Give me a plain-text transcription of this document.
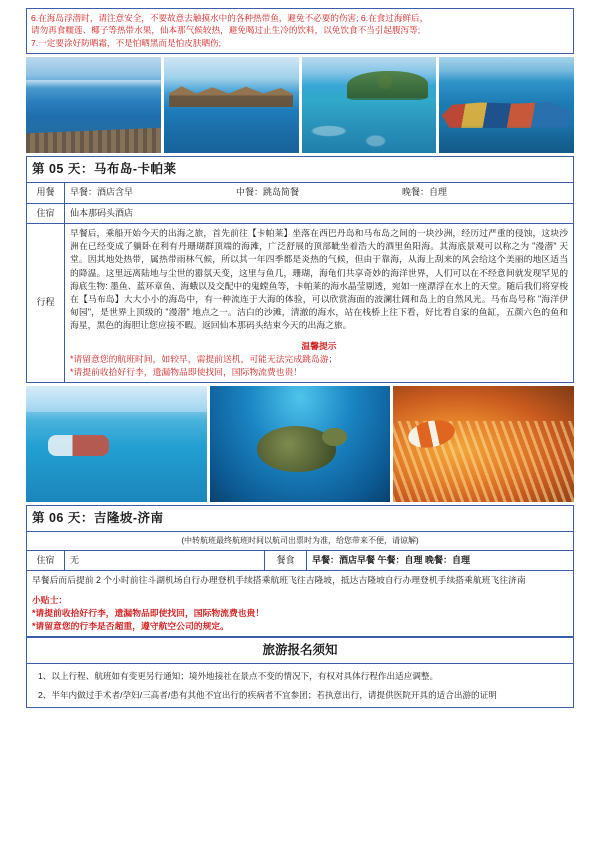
6.在海岛浮潜时，请注意安全，不要故意去触摸水中的各种热带鱼，避免不必要的伤害; 6.在食过海鲜后，
请勿再食糯莲、椰子等热带水果，仙本那气候较热，避免喝过止生冷的饮料，以免饮食不当引起腹泻等;
7.一定要涂好防晒霜，不是怕晒黑而是怕皮肤晒伤;
第 05 天：马布岛-卡帕莱	
用餐	早餐：酒店含早 中餐：跳岛简餐 晚餐：自理

住宿	仙本那码头酒店
行程	早餐后，乘船开始今天的出海之旅，首先前往【卡帕莱】坐落在西巴丹岛和马布岛之间的一块沙洲，经历过严重的侵蚀，这块沙洲在已经变成了躺卧在利有丹珊瑚群顶端的海滩，广泛舒展的顶部眦坐着浩大的酒里鱼阳海。其海底景观可以称之为 "漫潜" 天堂。因其地处热带，属热带雨林气候，所以其一年四季都是炎热的气候，但由于靠海，从海上刮来的风会给这个美丽的地区适当的降温。这里远离陆地与尘世的嚣氛天变，这里与鱼几，珊瑚，海龟们共享奇妙的海洋世界，人们可以在不经意间就发现罕见的海底生物: 墨鱼、蓝环章鱼、海蛾以及交配中的鬼螳鱼等，卡帕莱的海水晶莹剔透，宛如一座漂浮在水上的天堂。随后我们将穿梭在【马布岛】大大小小的海岛中，有一种流连于大海的体验，可以欣赏海面的波澜壮阔和岛上的自然风光。马布岛号称 "海洋伊甸园"，是世界上顶级的 "漫潜" 地点之一。洁白的沙滩，清澈的海水，站在栈桥上往下看，好比看自家的鱼缸，五颜六色的鱼和海星，黑色的海胆让您应接不暇。返回仙本那码头结束今天的出海之旅。
温馨提示
*请留意您的航班时间，如较早，需提前送机，可能无法完成跳岛游；
*请提前收拾好行李，遗漏物品即使找回，国际物流费也贵！
第 06 天：吉隆坡-济南
(中转航班最终航班时间以航司出票时为准，给您带来不便，请谅解)
住宿	无	餐食	早餐：酒店早餐 午餐：自理 晚餐：自理
早餐后而后提前 2 个小时前往斗湖机场自行办理登机手续搭乘航班飞往吉隆坡，抵达吉隆坡自行办理登机手续搭乘航班飞往济南
小贴士：
*请提前收拾好行李，遗漏物品即使找回，国际物流费也贵！
*请留意您的行李是否超重，遵守航空公司的规定。
旅游报名须知

1、以上行程、航班如有变更另行通知；境外地接社在景点不变的情况下，有权对具体行程作出适应调整。
2、半年内做过手术者/孕妇/三高者/患有其他不宜出行的疾病者不宜参团；若执意出行，请提供医院开具的适合出游的证明
